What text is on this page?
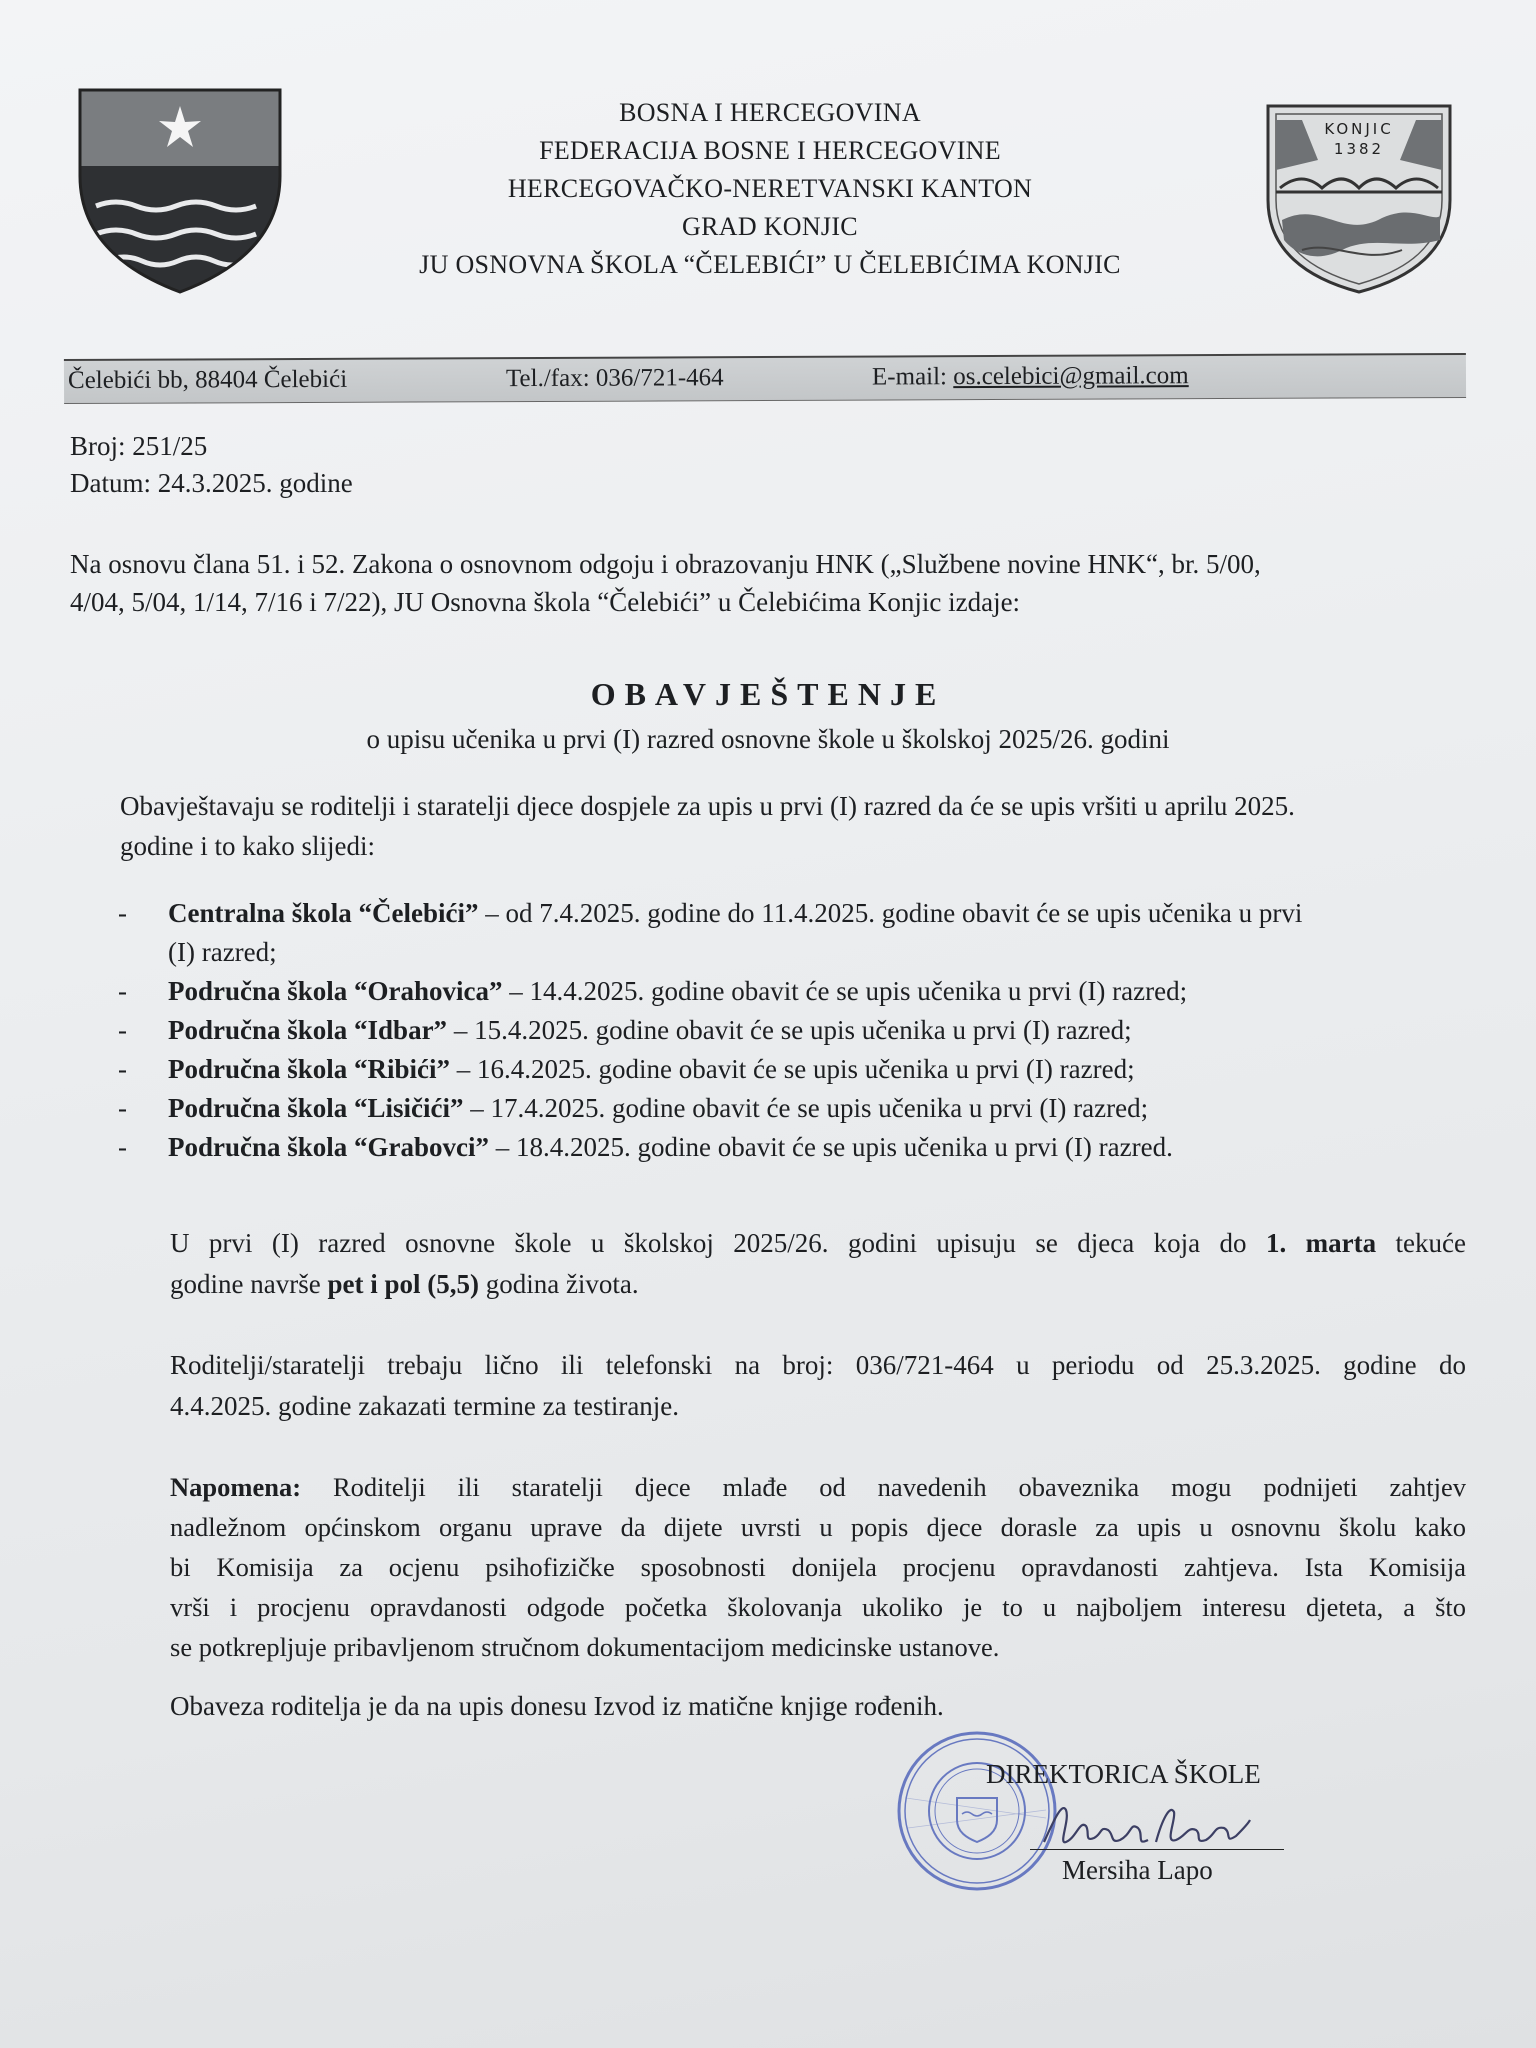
BOSNA I HERCEGOVINA
FEDERACIJA BOSNE I HERCEGOVINE
HERCEGOVAČKO-NERETVANSKI KANTON
GRAD KONJIC
JU OSNOVNA ŠKOLA “ČELEBIĆI” U ČELEBIĆIMA KONJIC
KONJIC
1382
Čelebići bb, 88404 Čelebići	Tel./fax: 036/721-464	E-mail: os.celebici@gmail.com
Broj: 251/25
Datum: 24.3.2025. godine
Na osnovu člana 51. i 52. Zakona o osnovnom odgoju i obrazovanju HNK („Službene novine HNK“, br. 5/00,
4/04, 5/04, 1/14, 7/16 i 7/22), JU Osnovna škola “Čelebići” u Čelebićima Konjic izdaje:
OBAVJEŠTENJE
o upisu učenika u prvi (I) razred osnovne škole u školskoj 2025/26. godini
Obavještavaju se roditelji i staratelji djece dospjele za upis u prvi (I) razred da će se upis vršiti u aprilu 2025.
godine i to kako slijedi:
- Centralna škola “Čelebići” – od 7.4.2025. godine do 11.4.2025. godine obavit će se upis učenika u prvi
(I) razred;
- Područna škola “Orahovica” – 14.4.2025. godine obavit će se upis učenika u prvi (I) razred;
- Područna škola “Idbar” – 15.4.2025. godine obavit će se upis učenika u prvi (I) razred;
- Područna škola “Ribići” – 16.4.2025. godine obavit će se upis učenika u prvi (I) razred;
- Područna škola “Lisičići” – 17.4.2025. godine obavit će se upis učenika u prvi (I) razred;
- Područna škola “Grabovci” – 18.4.2025. godine obavit će se upis učenika u prvi (I) razred.
U prvi (I) razred osnovne škole u školskoj 2025/26. godini upisuju se djeca koja do 1. marta tekuće
godine navrše pet i pol (5,5) godina života.
Roditelji/staratelji trebaju lično ili telefonski na broj: 036/721-464 u periodu od 25.3.2025. godine do
4.4.2025. godine zakazati termine za testiranje.
Napomena: Roditelji ili staratelji djece mlađe od navedenih obaveznika mogu podnijeti zahtjev
nadležnom općinskom organu uprave da dijete uvrsti u popis djece dorasle za upis u osnovnu školu kako
bi Komisija za ocjenu psihofizičke sposobnosti donijela procjenu opravdanosti zahtjeva. Ista Komisija
vrši i procjenu opravdanosti odgode početka školovanja ukoliko je to u najboljem interesu djeteta, a što
se potkrepljuje pribavljenom stručnom dokumentacijom medicinske ustanove.
Obaveza roditelja je da na upis donesu Izvod iz matične knjige rođenih.
DIREKTORICA ŠKOLE
Mersiha Lapo
